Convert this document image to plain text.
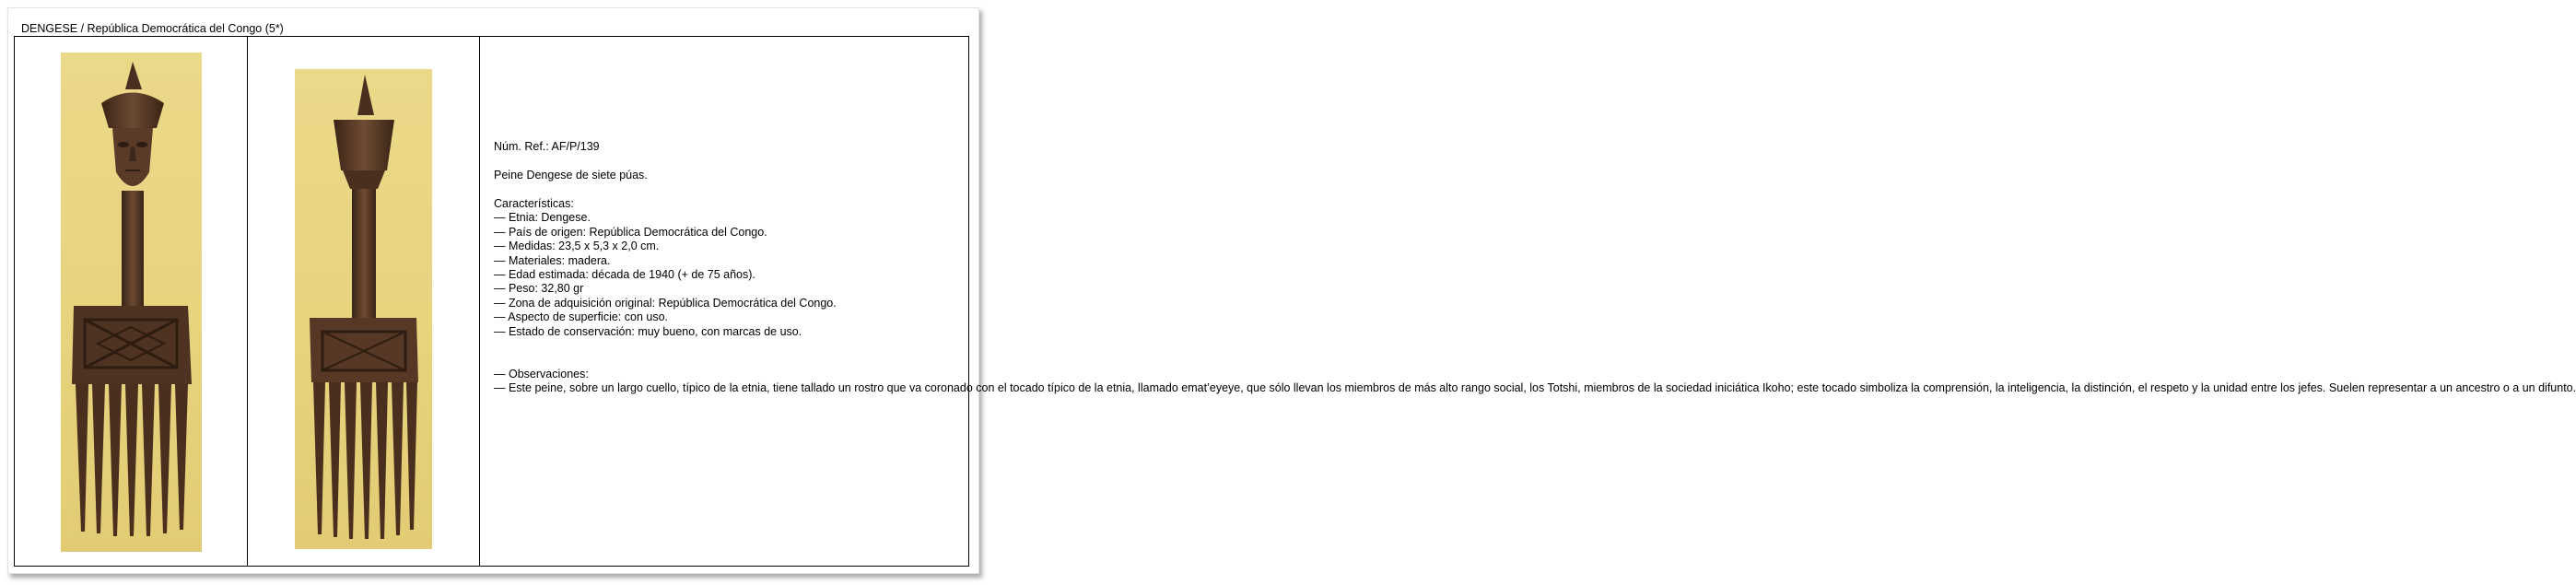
DENGESE / República Democrática del Congo (5*)
Núm. Ref.: AF/P/139
Peine Dengese de siete púas.
Características:
— Etnia: Dengese.
— País de origen: República Democrática del Congo.
— Medidas: 23,5 x 5,3 x 2,0 cm.
— Materiales: madera.
— Edad estimada: década de 1940 (+ de 75 años).
— Peso: 32,80 gr
— Zona de adquisición original: República Democrática del Congo.
— Aspecto de superficie: con uso.
— Estado de conservación: muy bueno, con marcas de uso.
— Observaciones:
— Este peine, sobre un largo cuello, típico de la etnia, tiene tallado un rostro que va coronado con el tocado típico de la etnia, llamado emat’eyeye, que sólo llevan los miembros de más alto rango social, los Totshi, miembros de la sociedad iniciática Ikoho; este tocado simboliza la comprensión, la inteligencia, la distinción, el respeto y la unidad entre los jefes. Suelen representar a un ancestro o a un difunto.
